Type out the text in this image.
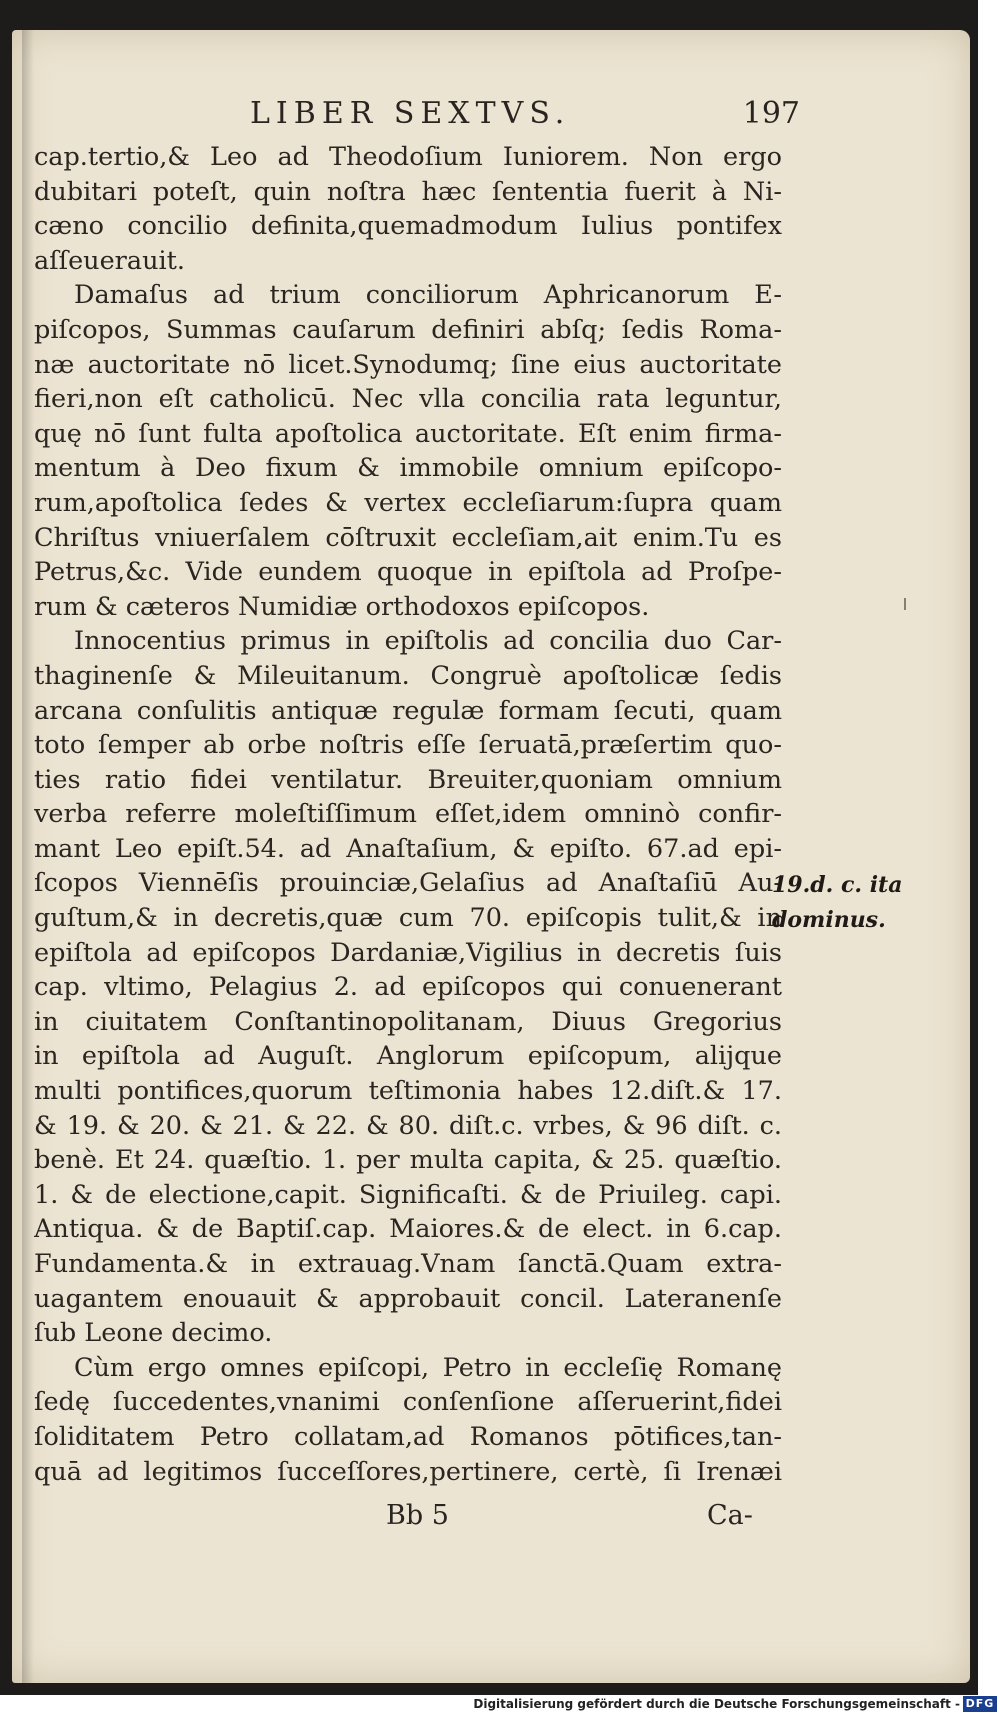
LIBER SEXTVS.	197
cap.tertio,& Leo ad Theodoſium Iuniorem. Non ergo
dubitari poteſt, quin noſtra hæc ſententia fuerit à Ni-
cæno concilio definita,quemadmodum Iulius pontifex
aſſeuerauit.
Damaſus ad trium conciliorum Aphricanorum E-
piſcopos, Summas cauſarum definiri abſq; ſedis Roma-
næ auctoritate nō licet.Synodumq; ſine eius auctoritate
fieri,non eſt catholicū. Nec vlla concilia rata leguntur,
quę nō ſunt fulta apoſtolica auctoritate. Eſt enim firma-
mentum à Deo fixum & immobile omnium epiſcopo-
rum,apoſtolica ſedes & vertex eccleſiarum:ſupra quam
Chriſtus vniuerſalem cōſtruxit eccleſiam,ait enim.Tu es
Petrus,&c. Vide eundem quoque in epiſtola ad Proſpe-
rum & cæteros Numidiæ orthodoxos epiſcopos.
Innocentius primus in epiſtolis ad concilia duo Car-
thaginenſe & Mileuitanum. Congruè apoſtolicæ ſedis
arcana conſulitis antiquæ regulæ formam ſecuti, quam
toto ſemper ab orbe noſtris eſſe ſeruatā,præſertim quo-
ties ratio fidei ventilatur. Breuiter,quoniam omnium
verba referre moleſtiſſimum eſſet,idem omninò confir-
mant Leo epiſt.54. ad Anaſtaſium, & epiſto. 67.ad epi-
ſcopos Viennēſis prouinciæ,Gelaſius ad Anaſtaſiū Au-
guſtum,& in decretis,quæ cum 70. epiſcopis tulit,& in
epiſtola ad epiſcopos Dardaniæ,Vigilius in decretis ſuis
cap. vltimo, Pelagius 2. ad epiſcopos qui conuenerant
in ciuitatem Conſtantinopolitanam, Diuus Gregorius
in epiſtola ad Auguſt. Anglorum epiſcopum, alijque
multi pontifices,quorum teſtimonia habes 12.diſt.& 17.
& 19. & 20. & 21. & 22. & 80. diſt.c. vrbes, & 96 diſt. c.
benè. Et 24. quæſtio. 1. per multa capita, & 25. quæſtio.
1. & de electione,capit. Significaſti. & de Priuileg. capi.
Antiqua. & de Baptiſ.cap. Maiores.& de elect. in 6.cap.
Fundamenta.& in extrauag.Vnam ſanctā.Quam extra-
uagantem enouauit & approbauit concil. Lateranenſe
ſub Leone decimo.
Cùm ergo omnes epiſcopi, Petro in eccleſię Romanę
ſedę ſuccedentes,vnanimi conſenſione aſſeruerint,fidei
ſoliditatem Petro collatam,ad Romanos pōtifices,tan-
quā ad legitimos ſucceſſores,pertinere, certè, ſi Irenæi
19.d. c. ita
dominus.
Bb 5	Ca-
Digitalisierung gefördert durch die Deutsche Forschungsgemeinschaft - DFG
